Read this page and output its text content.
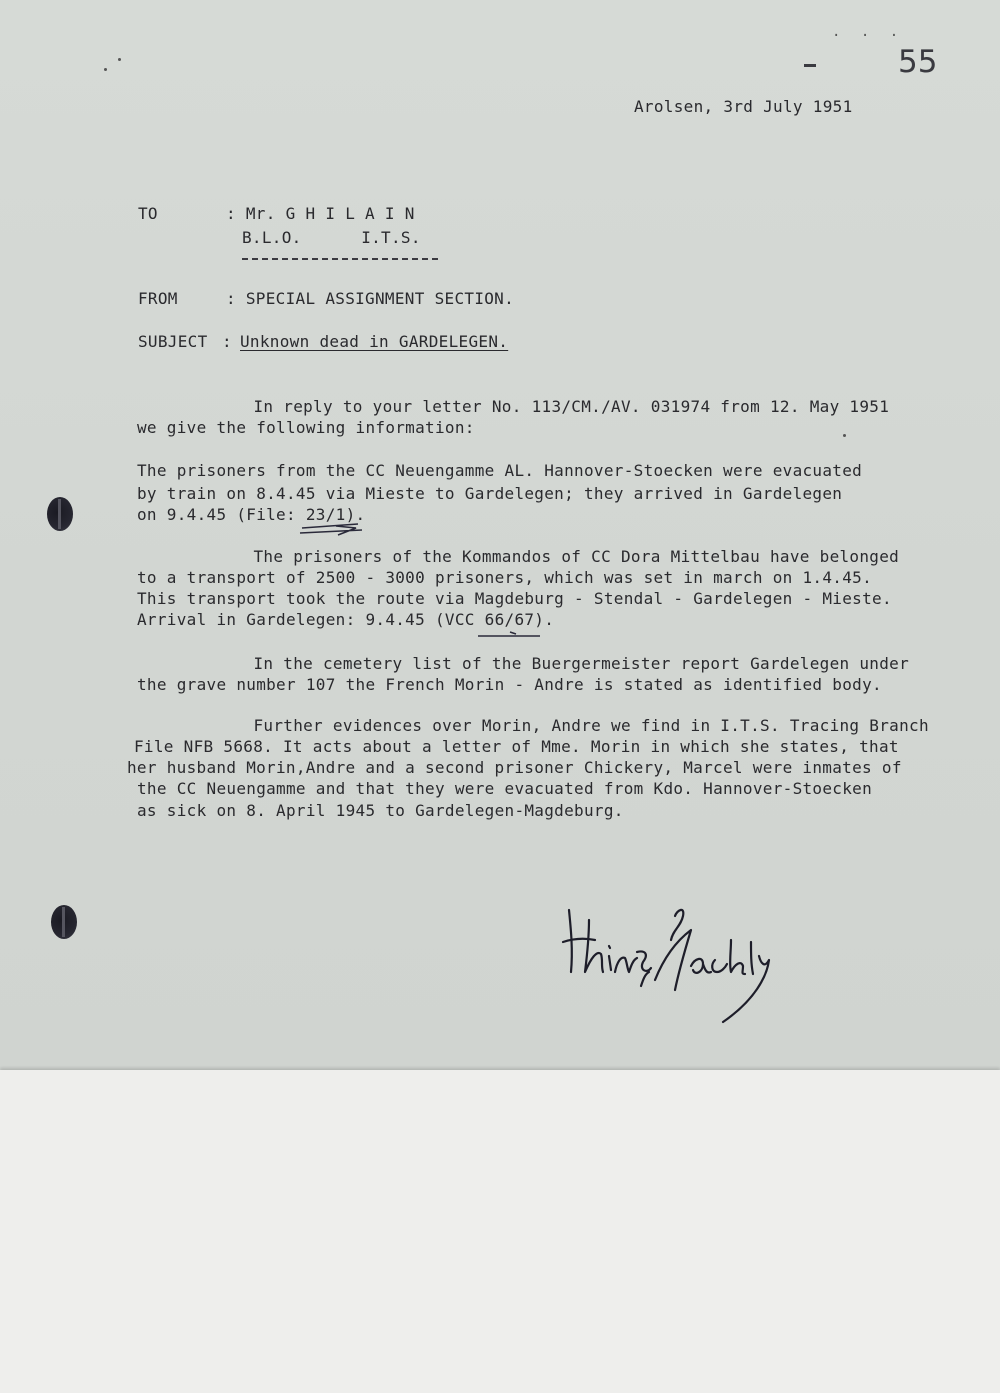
· · ·
55
Arolsen, 3rd July 1951
TO	: Mr. G H I L A I N
B.L.O.      I.T.S.
FROM	: SPECIAL ASSIGNMENT SECTION.
SUBJECT : Unknown dead in GARDELEGEN.
In reply to your letter No. 113/CM./AV. 031974 from 12. May 1951
we give the following information:
The prisoners from the CC Neuengamme AL. Hannover-Stoecken were evacuated
by train on 8.4.45 via Mieste to Gardelegen; they arrived in Gardelegen
on 9.4.45 (File: 23/1).
The prisoners of the Kommandos of CC Dora Mittelbau have belonged
to a transport of 2500 - 3000 prisoners, which was set in march on 1.4.45.
This transport took the route via Magdeburg - Stendal - Gardelegen - Mieste.
Arrival in Gardelegen: 9.4.45 (VCC 66/67).
In the cemetery list of the Buergermeister report Gardelegen under
the grave number 107 the French Morin - Andre is stated as identified body.
Further evidences over Morin, Andre we find in I.T.S. Tracing Branch
File NFB 5668. It acts about a letter of Mme. Morin in which she states, that
her husband Morin,Andre and a second prisoner Chickery, Marcel were inmates of
the CC Neuengamme and that they were evacuated from Kdo. Hannover-Stoecken
as sick on 8. April 1945 to Gardelegen-Magdeburg.
